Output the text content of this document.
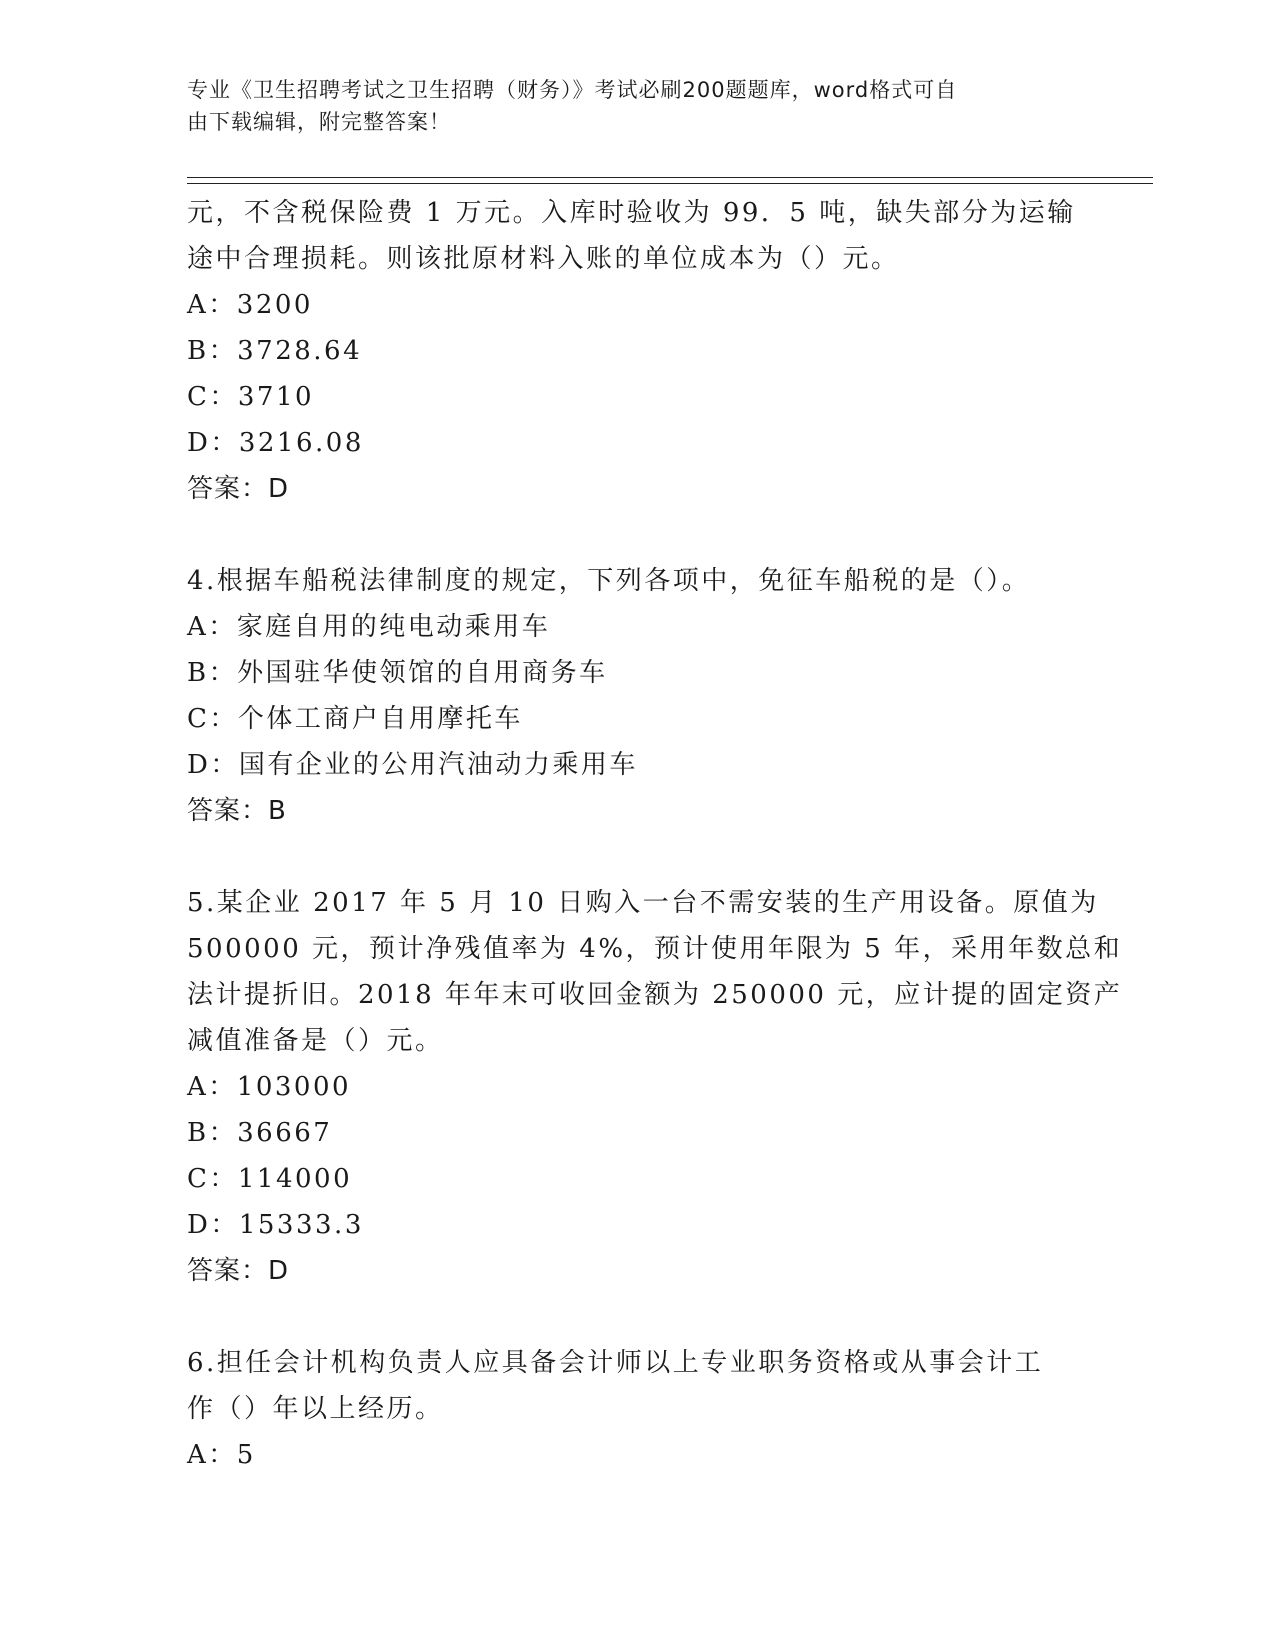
专业《卫生招聘考试之卫生招聘（财务）》考试必刷200题题库，word格式可自
由下载编辑，附完整答案！

元，不含税保险费 1 万元。入库时验收为 99．5 吨，缺失部分为运输

途中合理损耗。则该批原材料入账的单位成本为（）元。

A：3200

B：3728.64

C：3710

D：3216.08

答案：D

4.根据车船税法律制度的规定，下列各项中，免征车船税的是（）。

A：家庭自用的纯电动乘用车

B：外国驻华使领馆的自用商务车

C：个体工商户自用摩托车

D：国有企业的公用汽油动力乘用车

答案：B

5.某企业 2017 年 5 月 10 日购入一台不需安装的生产用设备。原值为

500000 元，预计净残值率为 4%，预计使用年限为 5 年，采用年数总和

法计提折旧。2018 年年末可收回金额为 250000 元，应计提的固定资产

减值准备是（）元。

A：103000

B：36667

C：114000

D：15333.3

答案：D

6.担任会计机构负责人应具备会计师以上专业职务资格或从事会计工

作（）年以上经历。

A：5
